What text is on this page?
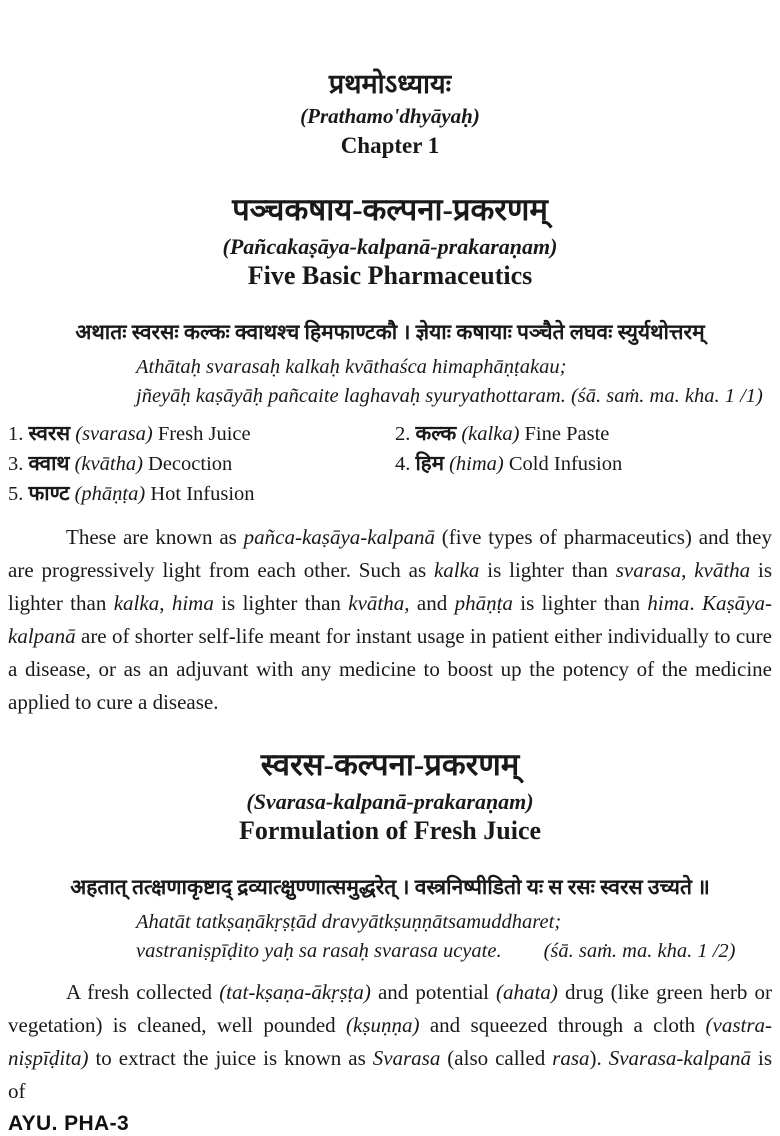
प्रथमोऽध्यायः
(Prathamo'dhyāyaḥ)
Chapter 1
पञ्चकषाय-कल्पना-प्रकरणम्
(Pañcakaṣāya-kalpanā-prakaraṇam)
Five Basic Pharmaceutics
अथातः स्वरसः कल्कः क्वाथश्च हिमफाण्टकौ । ज्ञेयाः कषायाः पञ्चैते लघवः स्युर्यथोत्तरम्
Athātaḥ svarasaḥ kalkaḥ kvāthaśca himaphāṇṭakau;
jñeyāḥ kaṣāyāḥ pañcaite laghavaḥ syuryathottaram. (śā. saṁ. ma. kha. 1 /1)
1. स्वरस (svarasa) Fresh Juice	2. कल्क (kalka) Fine Paste
3. क्वाथ (kvātha) Decoction	4. हिम (hima) Cold Infusion
5. फाण्ट (phāṇṭa) Hot Infusion
These are known as pañca-kaṣāya-kalpanā (five types of pharmaceutics) and they are progressively light from each other. Such as kalka is lighter than svarasa, kvātha is lighter than kalka, hima is lighter than kvātha, and phāṇṭa is lighter than hima. Kaṣāya-kalpanā are of shorter self-life meant for instant usage in patient either individually to cure a disease, or as an adjuvant with any medicine to boost up the potency of the medicine applied to cure a disease.
स्वरस-कल्पना-प्रकरणम्
(Svarasa-kalpanā-prakaraṇam)
Formulation of Fresh Juice
अहतात् तत्क्षणाकृष्टाद् द्रव्यात्क्षुण्णात्समुद्धरेत् । वस्त्रनिष्पीडितो यः स रसः स्वरस उच्यते ॥
Ahatāt tatkṣaṇākṛṣṭād dravyātkṣuṇṇātsamuddharet;
vastraniṣpīḍito yaḥ sa rasaḥ svarasa ucyate. (śā. saṁ. ma. kha. 1 /2)
A fresh collected (tat-kṣaṇa-ākṛṣṭa) and potential (ahata) drug (like green herb or vegetation) is cleaned, well pounded (kṣuṇṇa) and squeezed through a cloth (vastra-niṣpīḍita) to extract the juice is known as Svarasa (also called rasa). Svarasa-kalpanā is of
AYU. PHA-3
